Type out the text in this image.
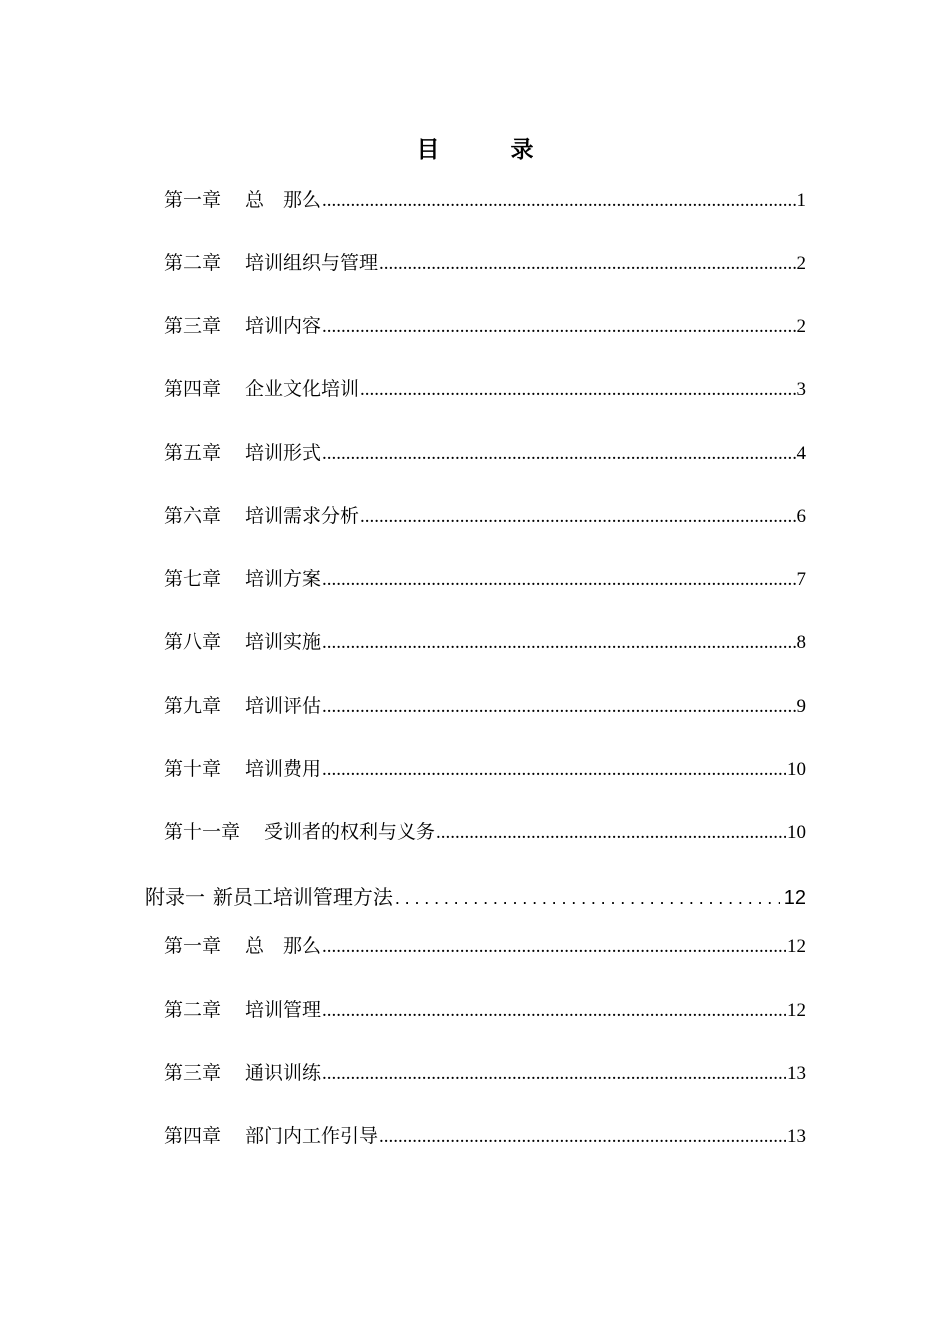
目　录
第一章 总　那么 .....	1
第二章 培训组织与管理 .....	2
第三章 培训内容 .....	2
第四章 企业文化培训 .....	3
第五章 培训形式 .....	4
第六章 培训需求分析 .....	6
第七章 培训方案 .....	7
第八章 培训实施 .....	8
第九章 培训评估 .....	9
第十章 培训费用 .....	10
第十一章 受训者的权利与义务 .....	10
附录一 新员工培训管理方法 .....	12
第一章 总　那么 .....	12
第二章 培训管理 .....	12
第三章 通识训练 .....	13
第四章 部门内工作引导 .....	13
